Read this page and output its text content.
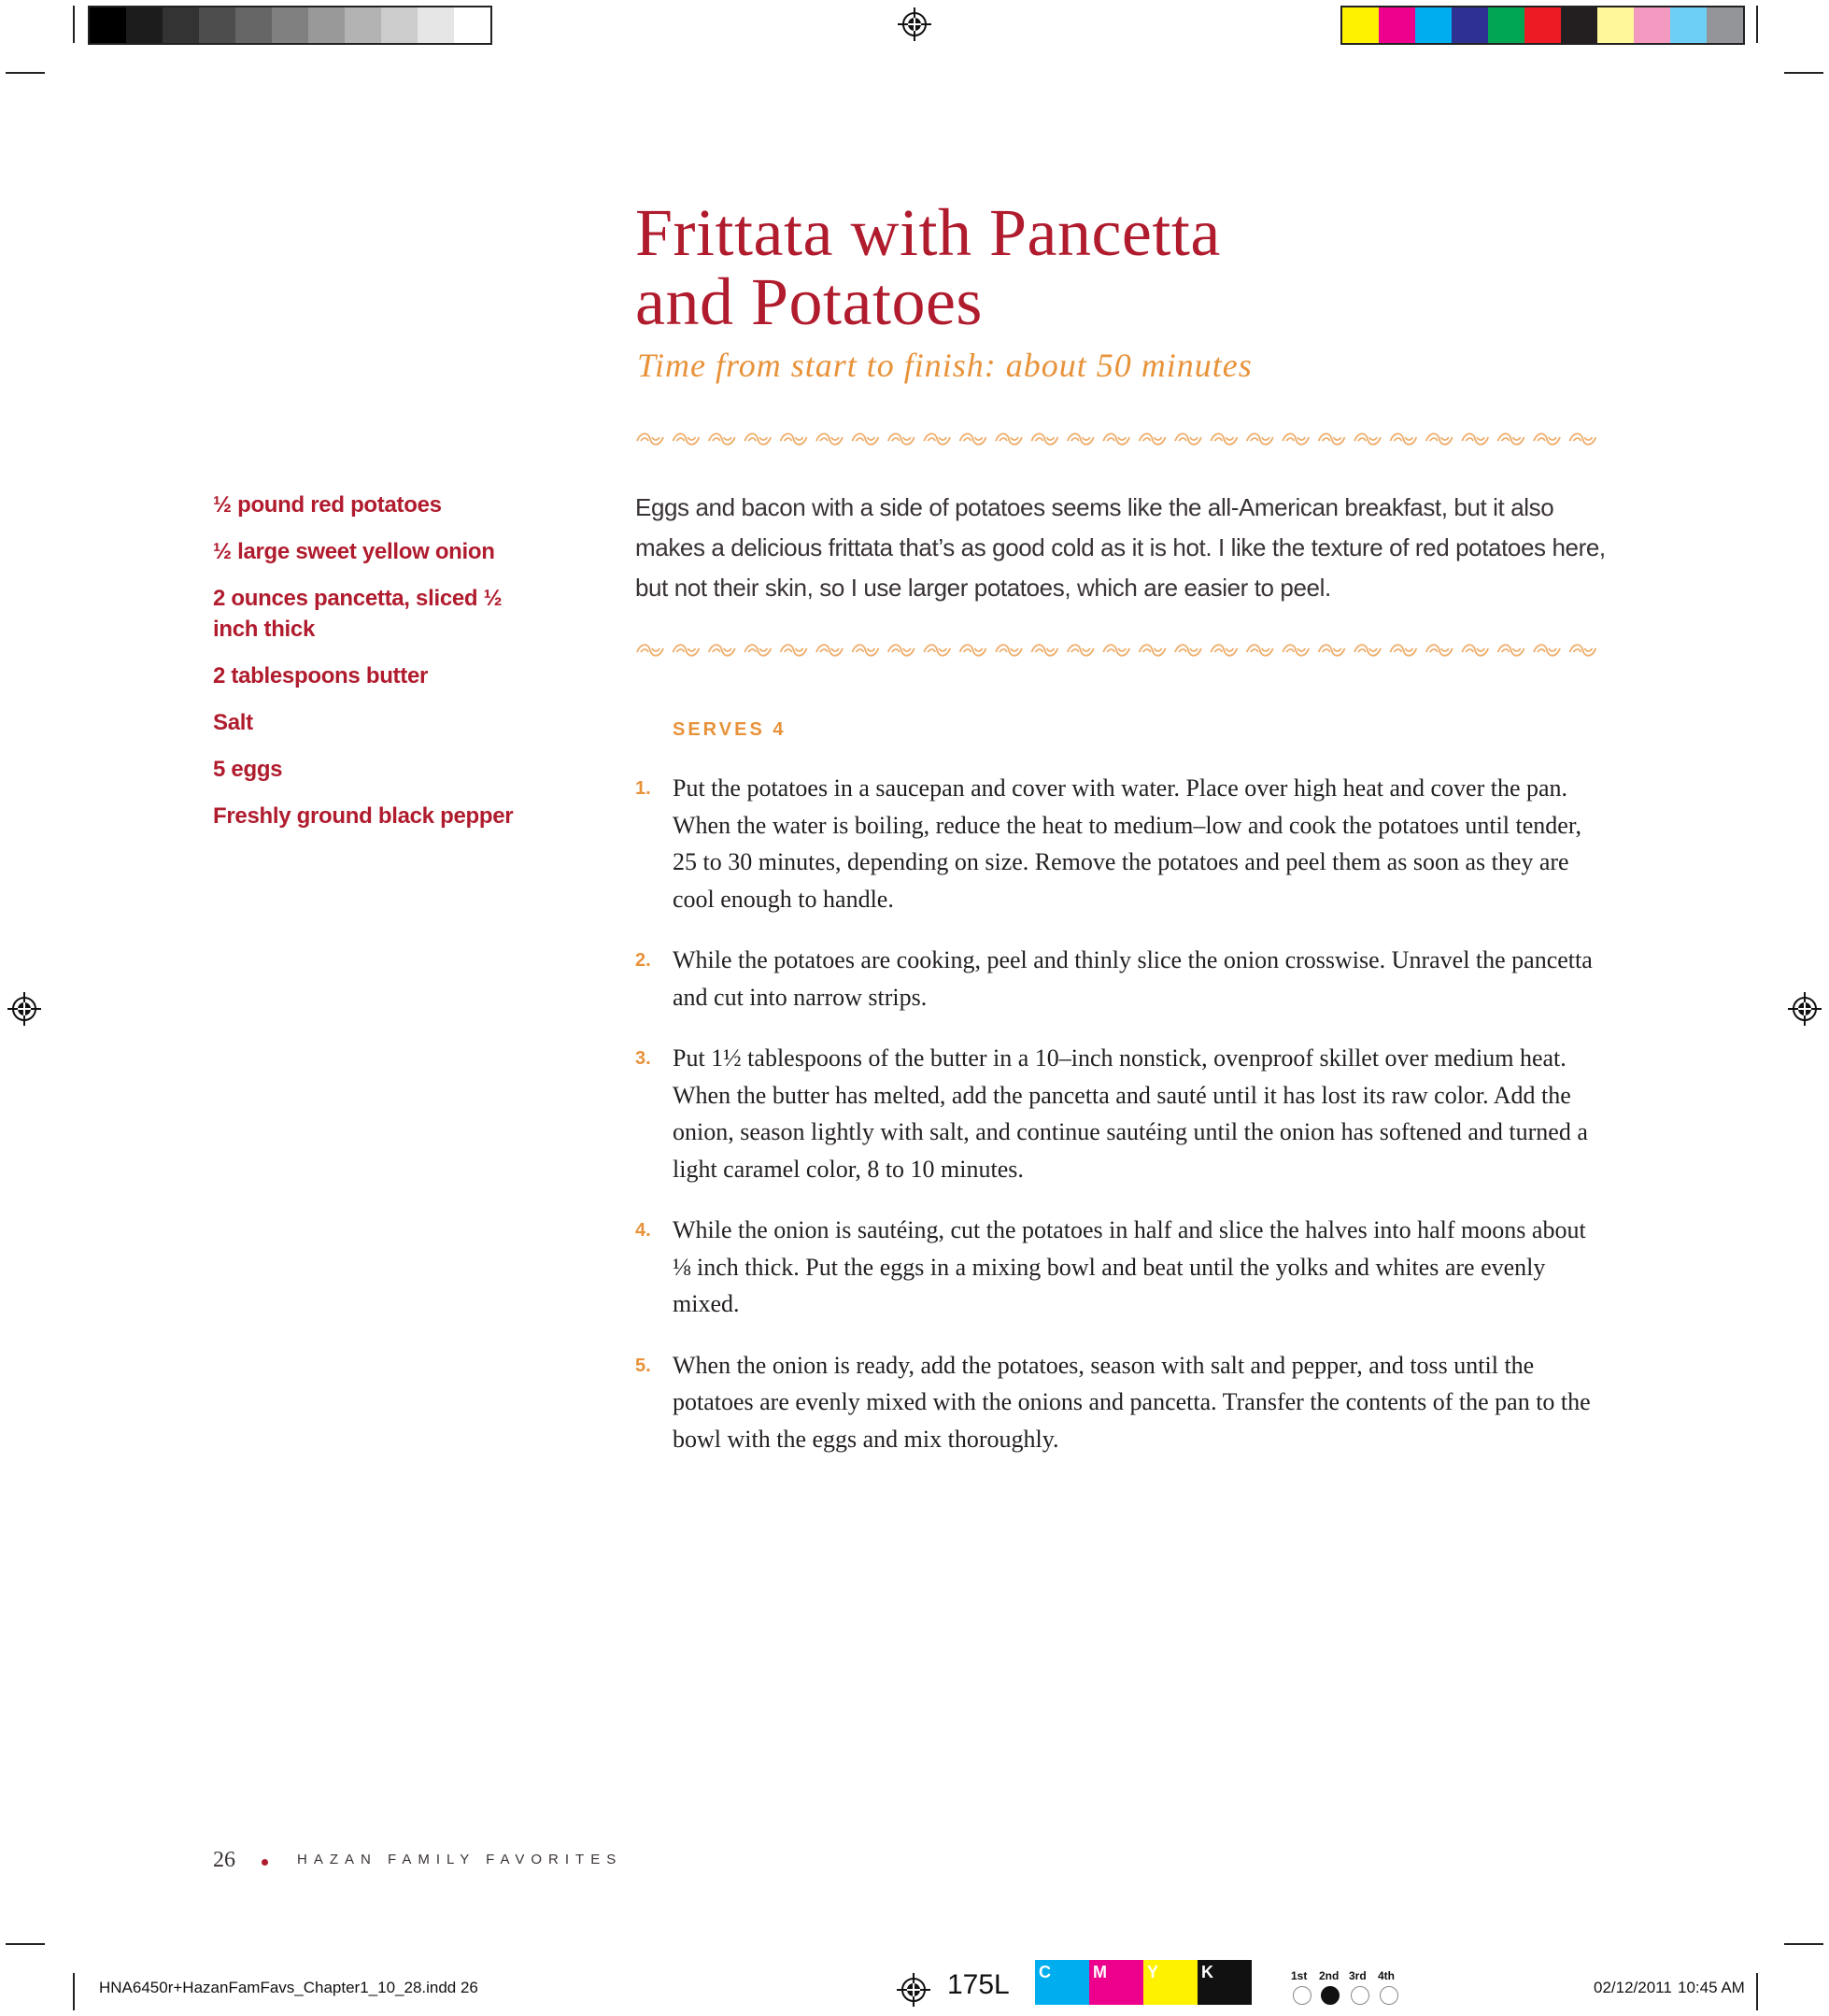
Frittata with Pancetta
and Potatoes
Time from start to finish: about 50 minutes
½ pound red potatoes
½ large sweet yellow onion
2 ounces pancetta, sliced ½ inch thick
2 tablespoons butter
Salt
5 eggs
Freshly ground black pepper

Eggs and bacon with a side of potatoes seems like the all-American breakfast, but it also makes a delicious frittata that’s as good cold as it is hot. I like the texture of red potatoes here, but not their skin, so I use larger potatoes, which are easier to peel.

SERVES 4
1. Put the potatoes in a saucepan and cover with water. Place over high heat and cover the pan. When the water is boiling, reduce the heat to medium–low and cook the potatoes until tender, 25 to 30 minutes, depending on size. Remove the potatoes and peel them as soon as they are cool enough to handle.
2. While the potatoes are cooking, peel and thinly slice the onion crosswise. Unravel the pancetta and cut into narrow strips.
3. Put 1½ tablespoons of the butter in a 10–inch nonstick, ovenproof skillet over medium heat. When the butter has melted, add the pancetta and sauté until it has lost its raw color. Add the onion, season lightly with salt, and continue sautéing until the onion has softened and turned a light caramel color, 8 to 10 minutes.
4. While the onion is sautéing, cut the potatoes in half and slice the halves into half moons about ⅛ inch thick. Put the eggs in a mixing bowl and beat until the yolks and whites are evenly mixed.
5. When the onion is ready, add the potatoes, season with salt and pepper, and toss until the potatoes are evenly mixed with the onions and pancetta. Transfer the contents of the pan to the bowl with the eggs and mix thoroughly.
26	HAZAN FAMILY FAVORITES
HNA6450r+HazanFamFavs_Chapter1_10_28.indd 26	175L C	M	Y	K	1st 2nd 3rd 4th
02/12/2011 10:45 AM
